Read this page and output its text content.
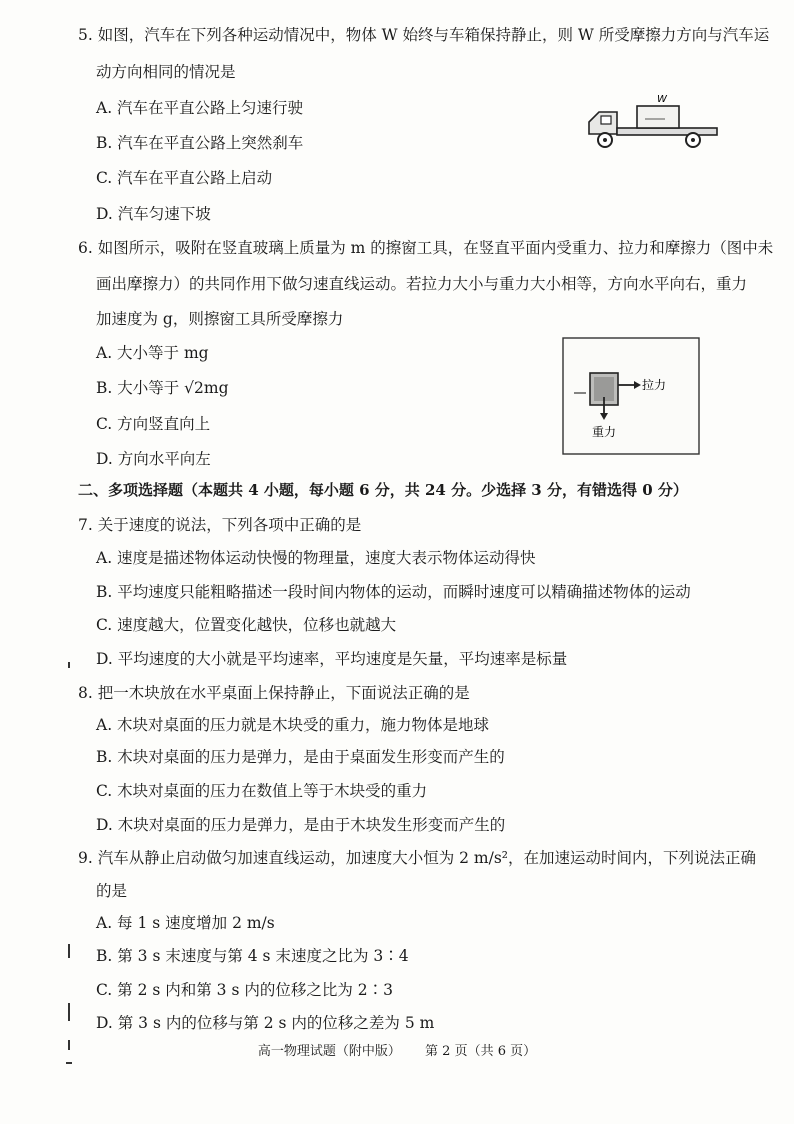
5. 如图，汽车在下列各种运动情况中，物体 W 始终与车箱保持静止，则 W 所受摩擦力方向与汽车运
动方向相同的情况是
A. 汽车在平直公路上匀速行驶
B. 汽车在平直公路上突然刹车
C. 汽车在平直公路上启动
D. 汽车匀速下坡
W
6. 如图所示，吸附在竖直玻璃上质量为 m 的擦窗工具，在竖直平面内受重力、拉力和摩擦力（图中未
画出摩擦力）的共同作用下做匀速直线运动。若拉力大小与重力大小相等，方向水平向右，重力
加速度为 g，则擦窗工具所受摩擦力
A. 大小等于 mg
B. 大小等于 √2mg
C. 方向竖直向上
D. 方向水平向左
拉力
重力
二、多项选择题（本题共 4 小题，每小题 6 分，共 24 分。少选择 3 分，有错选得 0 分）
7. 关于速度的说法，下列各项中正确的是
A. 速度是描述物体运动快慢的物理量，速度大表示物体运动得快
B. 平均速度只能粗略描述一段时间内物体的运动，而瞬时速度可以精确描述物体的运动
C. 速度越大，位置变化越快，位移也就越大
D. 平均速度的大小就是平均速率，平均速度是矢量，平均速率是标量
8. 把一木块放在水平桌面上保持静止，下面说法正确的是
A. 木块对桌面的压力就是木块受的重力，施力物体是地球
B. 木块对桌面的压力是弹力，是由于桌面发生形变而产生的
C. 木块对桌面的压力在数值上等于木块受的重力
D. 木块对桌面的压力是弹力，是由于木块发生形变而产生的
9. 汽车从静止启动做匀加速直线运动，加速度大小恒为 2 m/s²，在加速运动时间内，下列说法正确
的是
A. 每 1 s 速度增加 2 m/s
B. 第 3 s 末速度与第 4 s 末速度之比为 3∶4
C. 第 2 s 内和第 3 s 内的位移之比为 2∶3
D. 第 3 s 内的位移与第 2 s 内的位移之差为 5 m
高一物理试题（附中版） 第 2 页（共 6 页）
